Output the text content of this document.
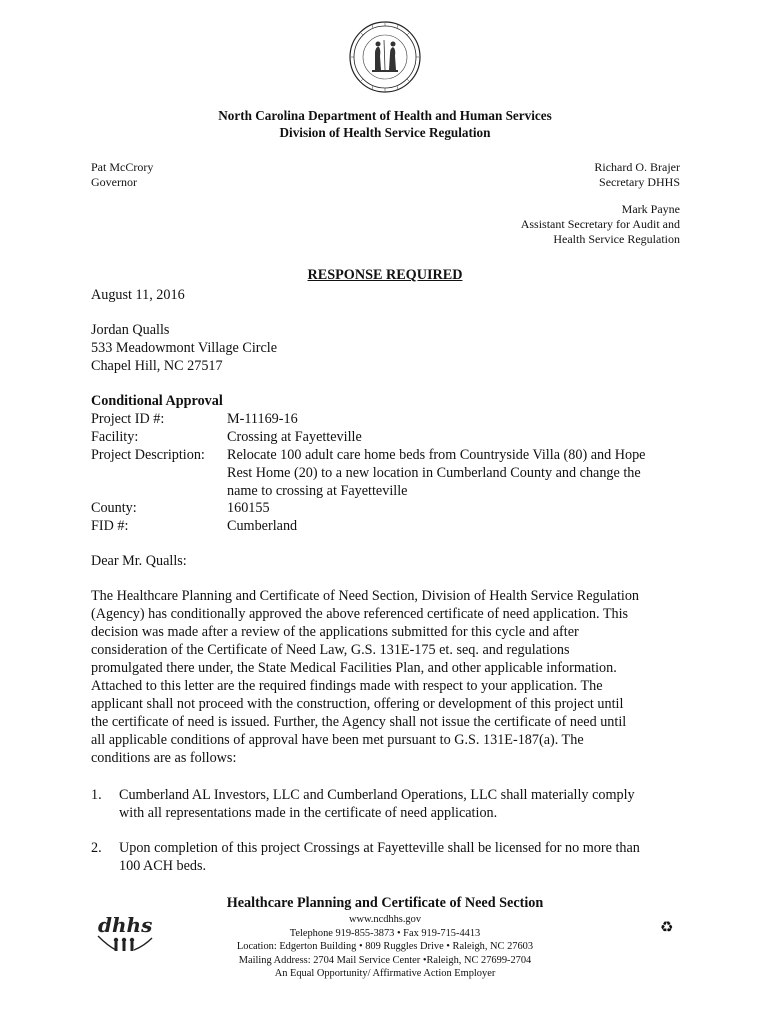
North Carolina Department of Health and Human Services
Division of Health Service Regulation
Pat McCrory
Governor
Richard O. Brajer
Secretary DHHS
Mark Payne
Assistant Secretary for Audit and
Health Service Regulation
RESPONSE REQUIRED
August 11, 2016
Jordan Qualls
533 Meadowmont Village Circle
Chapel Hill, NC 27517
Conditional Approval
Project ID #:	M-11169-16
Facility:	Crossing at Fayetteville
Project Description: Relocate 100 adult care home beds from Countryside Villa (80) and Hope
Rest Home (20) to a new location in Cumberland County and change the
name to crossing at Fayetteville
County:	160155
FID #:	Cumberland
Dear Mr. Qualls:
The Healthcare Planning and Certificate of Need Section, Division of Health Service Regulation
(Agency) has conditionally approved the above referenced certificate of need application. This
decision was made after a review of the applications submitted for this cycle and after
consideration of the Certificate of Need Law, G.S. 131E-175 et. seq. and regulations
promulgated there under, the State Medical Facilities Plan, and other applicable information.
Attached to this letter are the required findings made with respect to your application. The
applicant shall not proceed with the construction, offering or development of this project until
the certificate of need is issued. Further, the Agency shall not issue the certificate of need until
all applicable conditions of approval have been met pursuant to G.S. 131E-187(a). The
conditions are as follows:
1. Cumberland AL Investors, LLC and Cumberland Operations, LLC shall materially comply
with all representations made in the certificate of need application.
2. Upon completion of this project Crossings at Fayetteville shall be licensed for no more than
100 ACH beds.
dhhs
Healthcare Planning and Certificate of Need Section
www.ncdhhs.gov
Telephone 919-855-3873 • Fax 919-715-4413
Location: Edgerton Building • 809 Ruggles Drive • Raleigh, NC 27603
Mailing Address: 2704 Mail Service Center •Raleigh, NC 27699-2704
An Equal Opportunity/ Affirmative Action Employer
♻
